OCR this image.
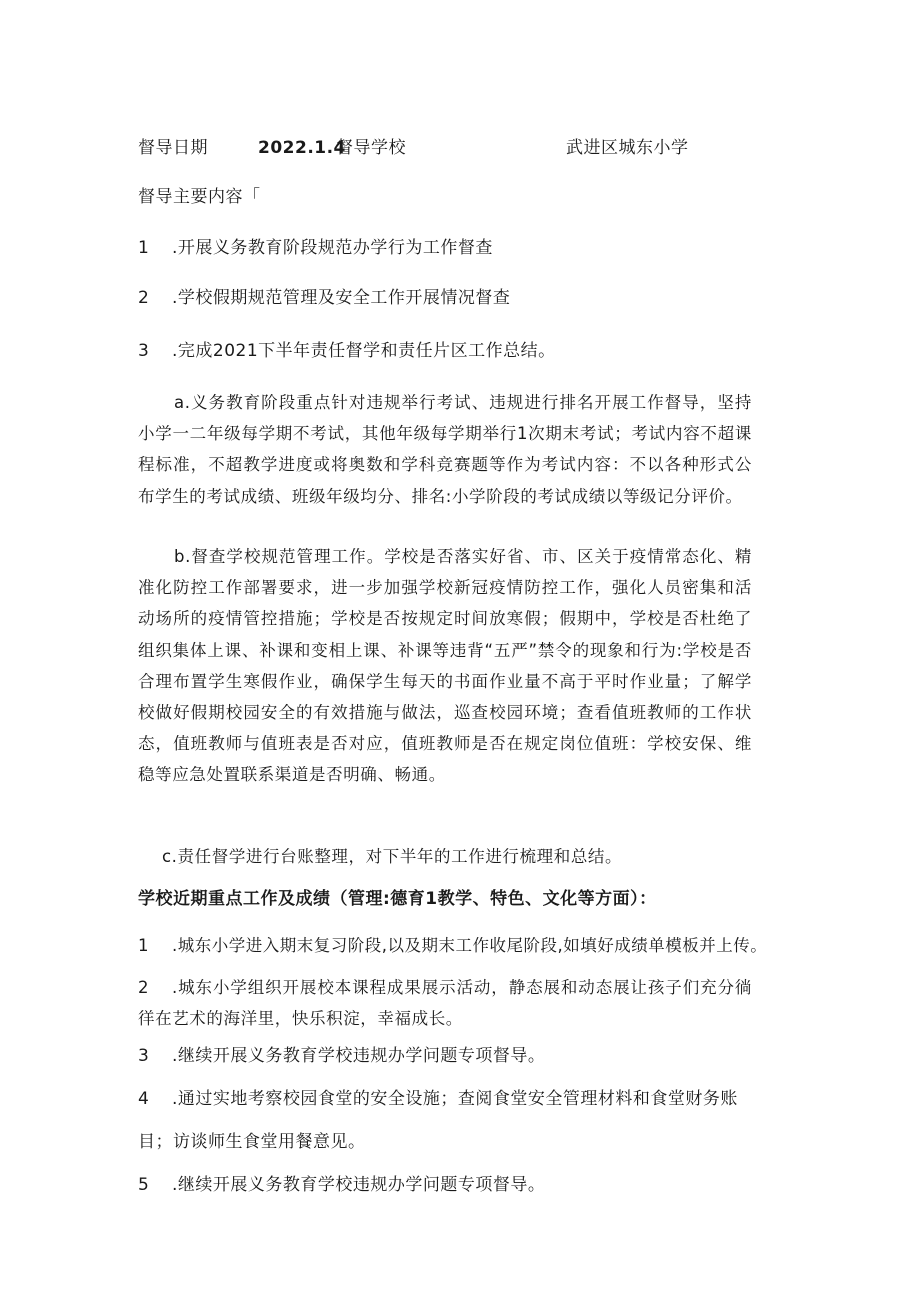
督导日期	2022.1.4
督导学校	武进区城东小学
督导主要内容「
1 .开展义务教育阶段规范办学行为工作督查
2 .学校假期规范管理及安全工作开展情况督查
3 .完成2021下半年责任督学和责任片区工作总结。
a.义务教育阶段重点针对违规举行考试、违规进行排名开展工作督导，坚持小学一二年级每学期不考试，其他年级每学期举行1次期末考试；考试内容不超课程标准，不超教学进度或将奥数和学科竞赛题等作为考试内容：不以各种形式公布学生的考试成绩、班级年级均分、排名:小学阶段的考试成绩以等级记分评价。
b.督查学校规范管理工作。学校是否落实好省、市、区关于疫情常态化、精准化防控工作部署要求，进一步加强学校新冠疫情防控工作，强化人员密集和活动场所的疫情管控措施；学校是否按规定时间放寒假；假期中，学校是否杜绝了组织集体上课、补课和变相上课、补课等违背“五严”禁令的现象和行为:学校是否合理布置学生寒假作业，确保学生每天的书面作业量不高于平时作业量；了解学校做好假期校园安全的有效措施与做法，巡查校园环境；查看值班教师的工作状态，值班教师与值班表是否对应，值班教师是否在规定岗位值班：学校安保、维稳等应急处置联系渠道是否明确、畅通。
c.责任督学进行台账整理，对下半年的工作进行梳理和总结。
学校近期重点工作及成绩（管理:德育1教学、特色、文化等方面）：
1 .城东小学进入期末复习阶段,以及期末工作收尾阶段,如填好成绩单模板并上传。
2 .城东小学组织开展校本课程成果展示活动，静态展和动态展让孩子们充分徜徉在艺术的海洋里，快乐积淀，幸福成长。
3 .继续开展义务教育学校违规办学问题专项督导。
4 .通过实地考察校园食堂的安全设施；查阅食堂安全管理材料和食堂财务账
目；访谈师生食堂用餐意见。
5 .继续开展义务教育学校违规办学问题专项督导。
